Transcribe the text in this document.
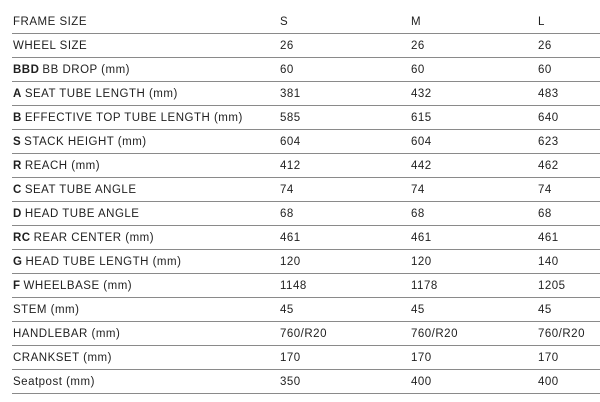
FRAME SIZE	S	M	L
WHEEL SIZE	26	26	26
BBD BB DROP (mm)	60	60	60
A SEAT TUBE LENGTH (mm)	381	432	483
B EFFECTIVE TOP TUBE LENGTH (mm)	585	615	640
S STACK HEIGHT (mm)	604	604	623
R REACH (mm)	412	442	462
C SEAT TUBE ANGLE	74	74	74
D HEAD TUBE ANGLE	68	68	68
RC REAR CENTER (mm)	461	461	461
G HEAD TUBE LENGTH (mm)	120	120	140
F WHEELBASE (mm)	1148	1178	1205
STEM (mm)	45	45	45
HANDLEBAR (mm)	760/R20	760/R20	760/R20
CRANKSET (mm)	170	170	170
Seatpost (mm)	350	400	400
